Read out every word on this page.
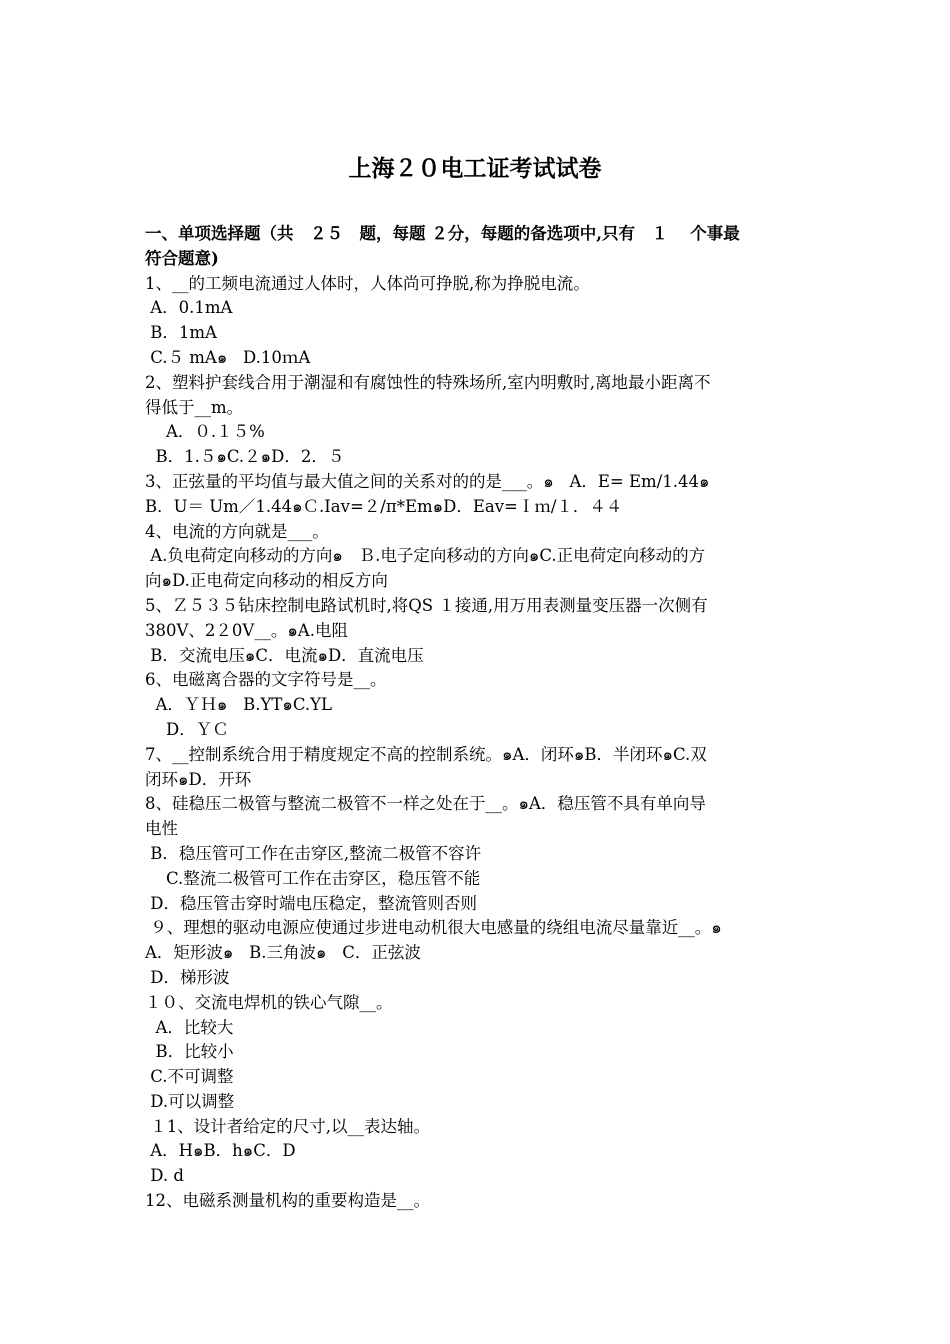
上海２０电工证考试试卷

一、单项选择题（共　２５　题，每题 ２分，每题的备选项中,只有　１　 个事最

符合题意)

1、__的工频电流通过人体时，人体尚可挣脱,称为挣脱电流。

A．0.1mA

B．1mA

C.５ mA๑   D.10ｍA

2、塑料护套线合用于潮湿和有腐蚀性的特殊场所,室内明敷时,离地最小距离不

得低于__m。

A．０.１５%

B．1.５๑C.２๑D．2．５

3、正弦量的平均值与最大值之间的关系对的的是___。๑   A．E= Em/1.44๑

B．U＝ Um／1.44๑Ｃ.Iav=２/π*Em๑D．Eav=Ｉｍ/１．４４

4、电流的方向就是___。

A.负电荷定向移动的方向๑   Ｂ.电子定向移动的方向๑C.正电荷定向移动的方

向๑D.正电荷定向移动的相反方向

5、Ｚ５３５钻床控制电路试机时,将QS １接通,用万用表测量变压器一次侧有

380V、2２0V__。๑A.电阻

B．交流电压๑C．电流๑D．直流电压

6、电磁离合器的文字符号是__。

A．ＹＨ๑   B.YT๑C.YL

D．ＹＣ

7、__控制系统合用于精度规定不高的控制系统。๑A．闭环๑B．半闭环๑C.双

闭环๑D．开环

8、硅稳压二极管与整流二极管不一样之处在于__。๑A．稳压管不具有单向导

电性

B．稳压管可工作在击穿区,整流二极管不容许

C.整流二极管可工作在击穿区，稳压管不能

D．稳压管击穿时端电压稳定，整流管则否则

９、理想的驱动电源应使通过步进电动机很大电感量的绕组电流尽量靠近__。๑

A．矩形波๑   B.三角波๑   C．正弦波

D．梯形波

１０、交流电焊机的铁心气隙__。

A．比较大

B．比较小

C.不可调整

D.可以调整

１1、设计者给定的尺寸,以__表达轴。

A．H๑B．h๑C．D

D. d

12、电磁系测量机构的重要构造是__。
